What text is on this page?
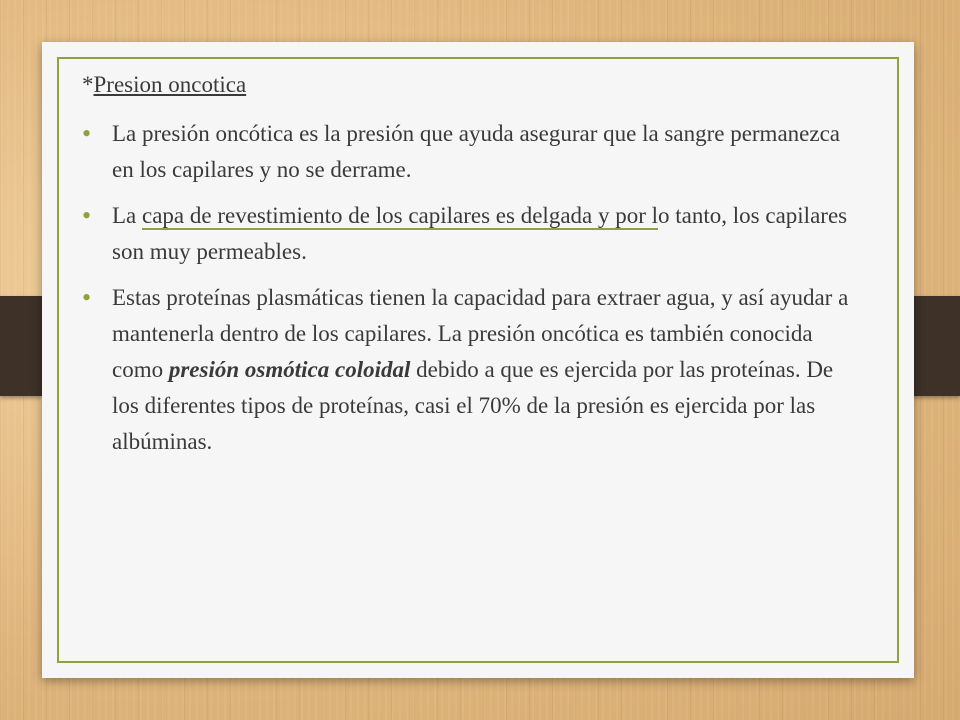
*Presion oncotica

• La presión oncótica es la presión que ayuda asegurar que la sangre permanezca en los capilares y no se derrame.
• La capa de revestimiento de los capilares es delgada y por lo tanto, los capilares son muy permeables.
• Estas proteínas plasmáticas tienen la capacidad para extraer agua, y así ayudar a mantenerla dentro de los capilares. La presión oncótica es también conocida como presión osmótica coloidal debido a que es ejercida por las proteínas. De los diferentes tipos de proteínas, casi el 70% de la presión es ejercida por las albúminas.
